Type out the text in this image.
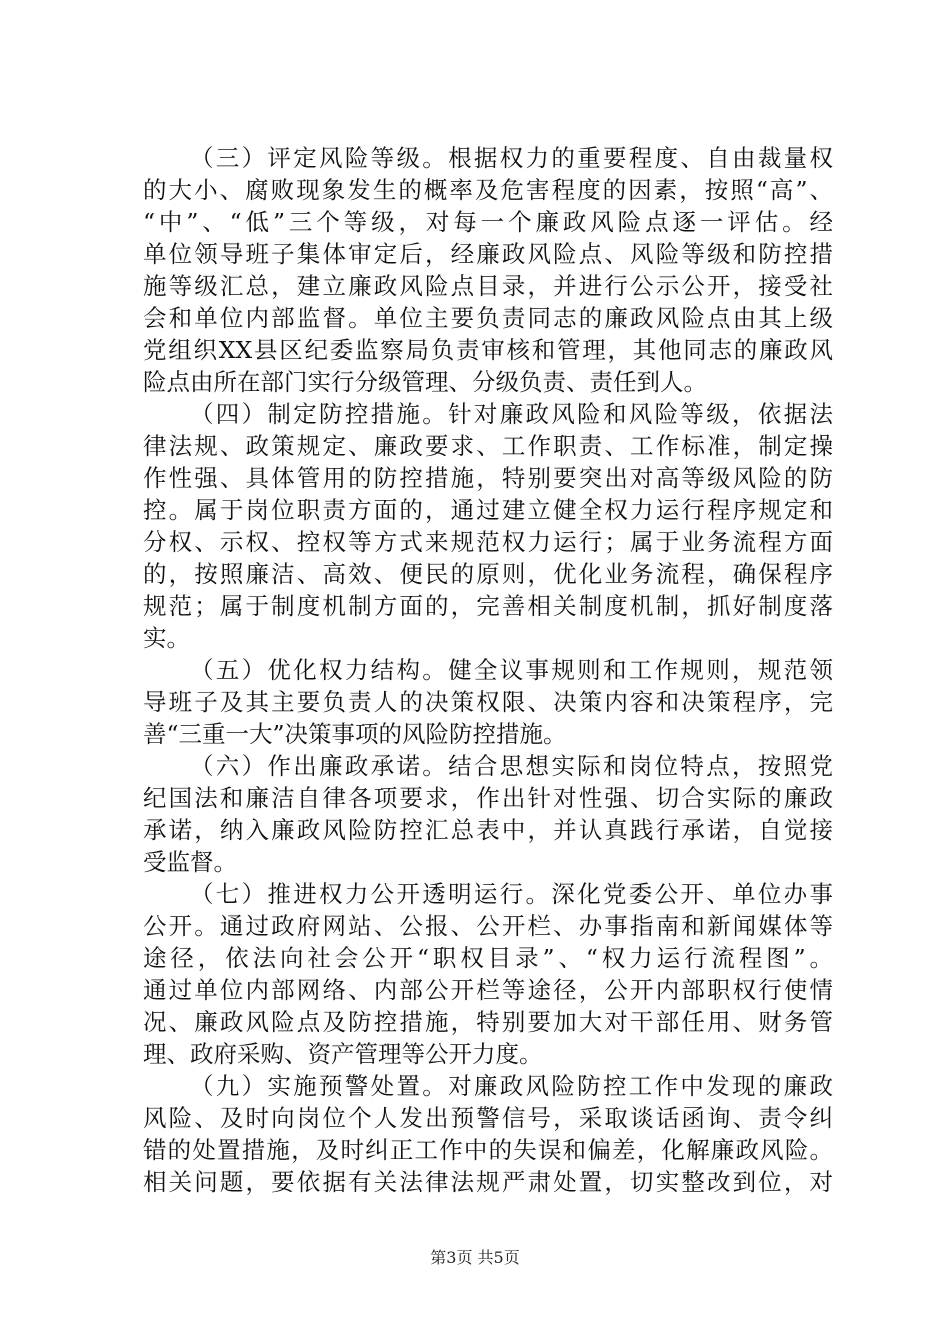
（三）评定风险等级。根据权力的重要程度、自由裁量权
的大小、腐败现象发生的概率及危害程度的因素，按照“高”、
“中”、“低”三个等级，对每一个廉政风险点逐一评估。经
单位领导班子集体审定后，经廉政风险点、风险等级和防控措
施等级汇总，建立廉政风险点目录，并进行公示公开，接受社
会和单位内部监督。单位主要负责同志的廉政风险点由其上级
党组织XX县区纪委监察局负责审核和管理，其他同志的廉政风
险点由所在部门实行分级管理、分级负责、责任到人。
（四）制定防控措施。针对廉政风险和风险等级，依据法
律法规、政策规定、廉政要求、工作职责、工作标准，制定操
作性强、具体管用的防控措施，特别要突出对高等级风险的防
控。属于岗位职责方面的，通过建立健全权力运行程序规定和
分权、示权、控权等方式来规范权力运行；属于业务流程方面
的，按照廉洁、高效、便民的原则，优化业务流程，确保程序
规范；属于制度机制方面的，完善相关制度机制，抓好制度落
实。
（五）优化权力结构。健全议事规则和工作规则，规范领
导班子及其主要负责人的决策权限、决策内容和决策程序，完
善“三重一大”决策事项的风险防控措施。
（六）作出廉政承诺。结合思想实际和岗位特点，按照党
纪国法和廉洁自律各项要求，作出针对性强、切合实际的廉政
承诺，纳入廉政风险防控汇总表中，并认真践行承诺，自觉接
受监督。
（七）推进权力公开透明运行。深化党委公开、单位办事
公开。通过政府网站、公报、公开栏、办事指南和新闻媒体等
途径，依法向社会公开“职权目录”、“权力运行流程图”。
通过单位内部网络、内部公开栏等途径，公开内部职权行使情
况、廉政风险点及防控措施，特别要加大对干部任用、财务管
理、政府采购、资产管理等公开力度。
（九）实施预警处置。对廉政风险防控工作中发现的廉政
风险、及时向岗位个人发出预警信号，采取谈话函询、责令纠
错的处置措施，及时纠正工作中的失误和偏差，化解廉政风险。
相关问题，要依据有关法律法规严肃处置，切实整改到位，对
第3页 共5页
